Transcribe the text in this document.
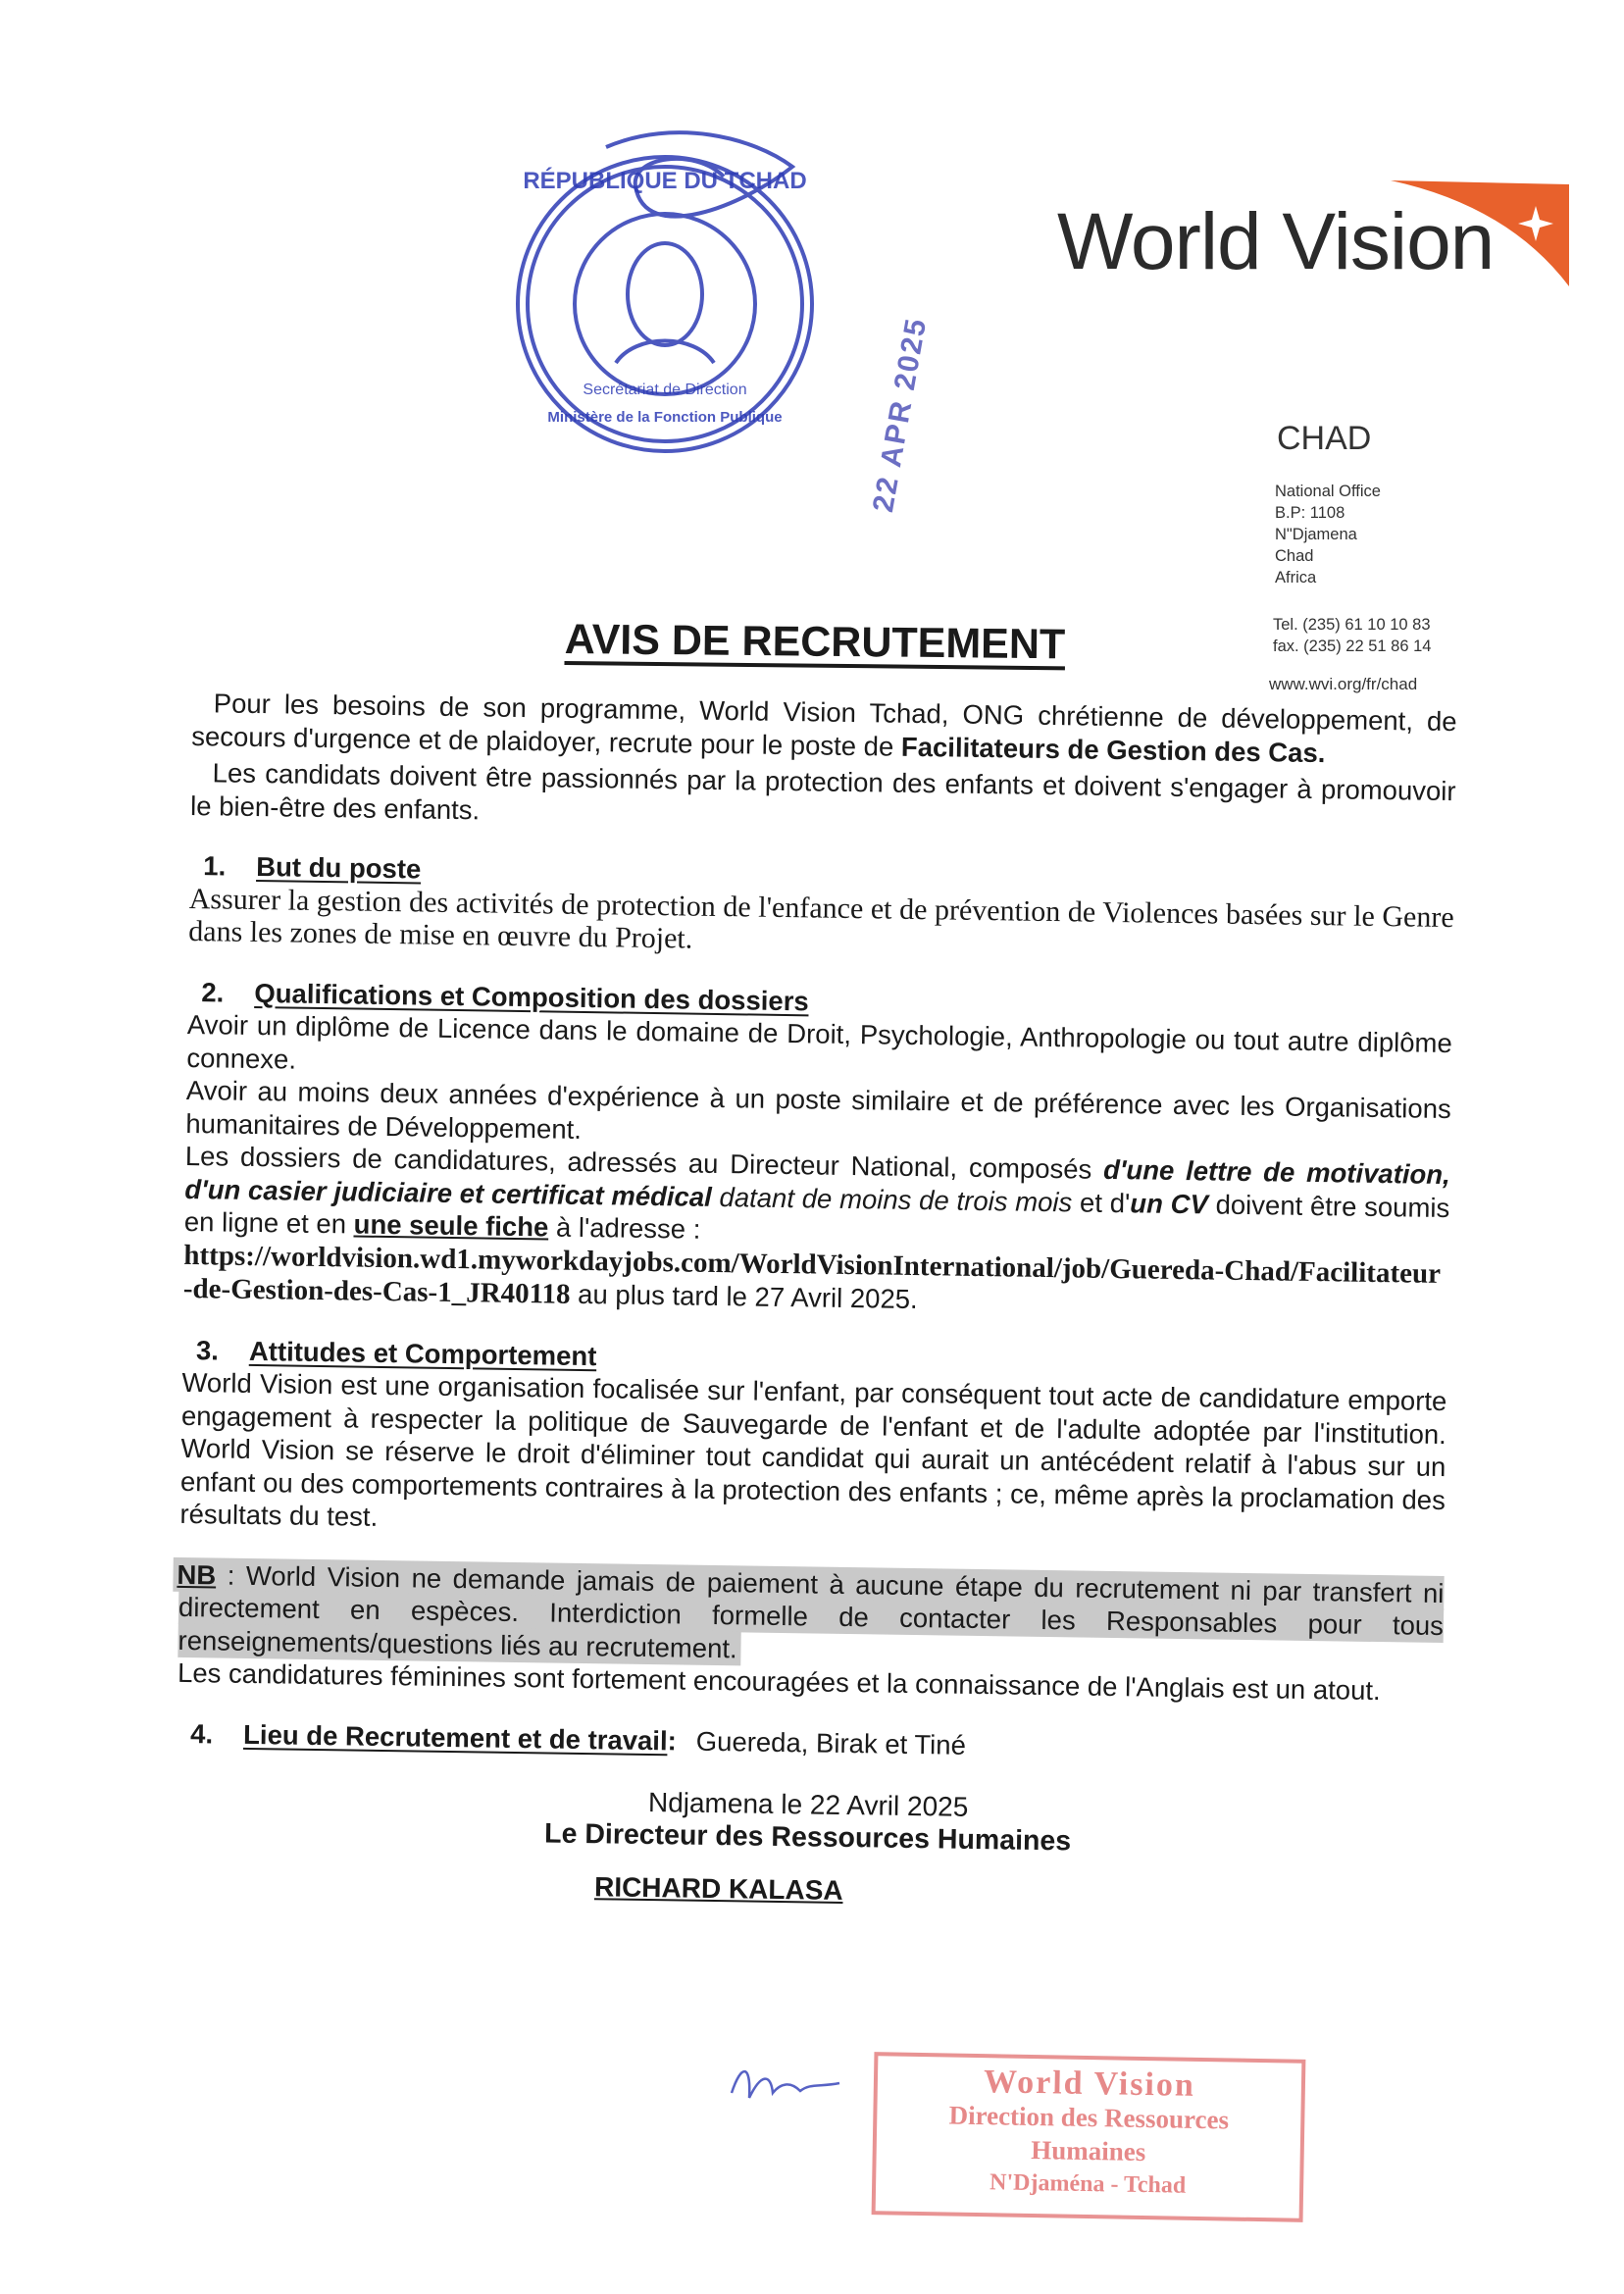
World Vision
RÉPUBLIQUE DU TCHAD
Ministère de la Fonction Publique
Secrétariat de Direction	22 APR 2025	CHAD
National Office
B.P: 1108
N"Djamena
Chad
Africa
Tel. (235) 61 10 10 83
fax. (235) 22 51 86 14
www.wvi.org/fr/chad
AVIS DE RECRUTEMENT

Pour les besoins de son programme, World Vision Tchad, ONG chrétienne de développement, de secours d'urgence et de plaidoyer, recrute pour le poste de Facilitateurs de Gestion des Cas.

Les candidats doivent être passionnés par la protection des enfants et doivent s'engager à promouvoir le bien-être des enfants.

1. But du poste

Assurer la gestion des activités de protection de l'enfance et de prévention de Violences basées sur le Genre dans les zones de mise en œuvre du Projet.

2. Qualifications et Composition des dossiers

Avoir un diplôme de Licence dans le domaine de Droit, Psychologie, Anthropologie ou tout autre diplôme connexe.

Avoir au moins deux années d'expérience à un poste similaire et de préférence avec les Organisations humanitaires de Développement.

Les dossiers de candidatures, adressés au Directeur National, composés d'une lettre de motivation, d'un casier judiciaire et certificat médical datant de moins de trois mois et d'un CV doivent être soumis en ligne et en une seule fiche à l'adresse :
https://worldvision.wd1.myworkdayjobs.com/WorldVisionInternational/job/Guereda-Chad/Facilitateur-de-Gestion-des-Cas-1_JR40118 au plus tard le 27 Avril 2025.

3. Attitudes et Comportement

World Vision est une organisation focalisée sur l'enfant, par conséquent tout acte de candidature emporte engagement à respecter la politique de Sauvegarde de l'enfant et de l'adulte adoptée par l'institution. World Vision se réserve le droit d'éliminer tout candidat qui aurait un antécédent relatif à l'abus sur un enfant ou des comportements contraires à la protection des enfants ; ce, même après la proclamation des résultats du test.

NB : World Vision ne demande jamais de paiement à aucune étape du recrutement ni par transfert ni directement en espèces. Interdiction formelle de contacter les Responsables pour tous renseignements/questions liés au recrutement.

Les candidatures féminines sont fortement encouragées et la connaissance de l'Anglais est un atout.

4. Lieu de Recrutement et de travail: Guereda, Birak et Tiné
Ndjamena le 22 Avril 2025
Le Directeur des Ressources Humaines
RICHARD KALASA
World Vision
Direction des Ressources
Humaines
N'Djaména - Tchad
